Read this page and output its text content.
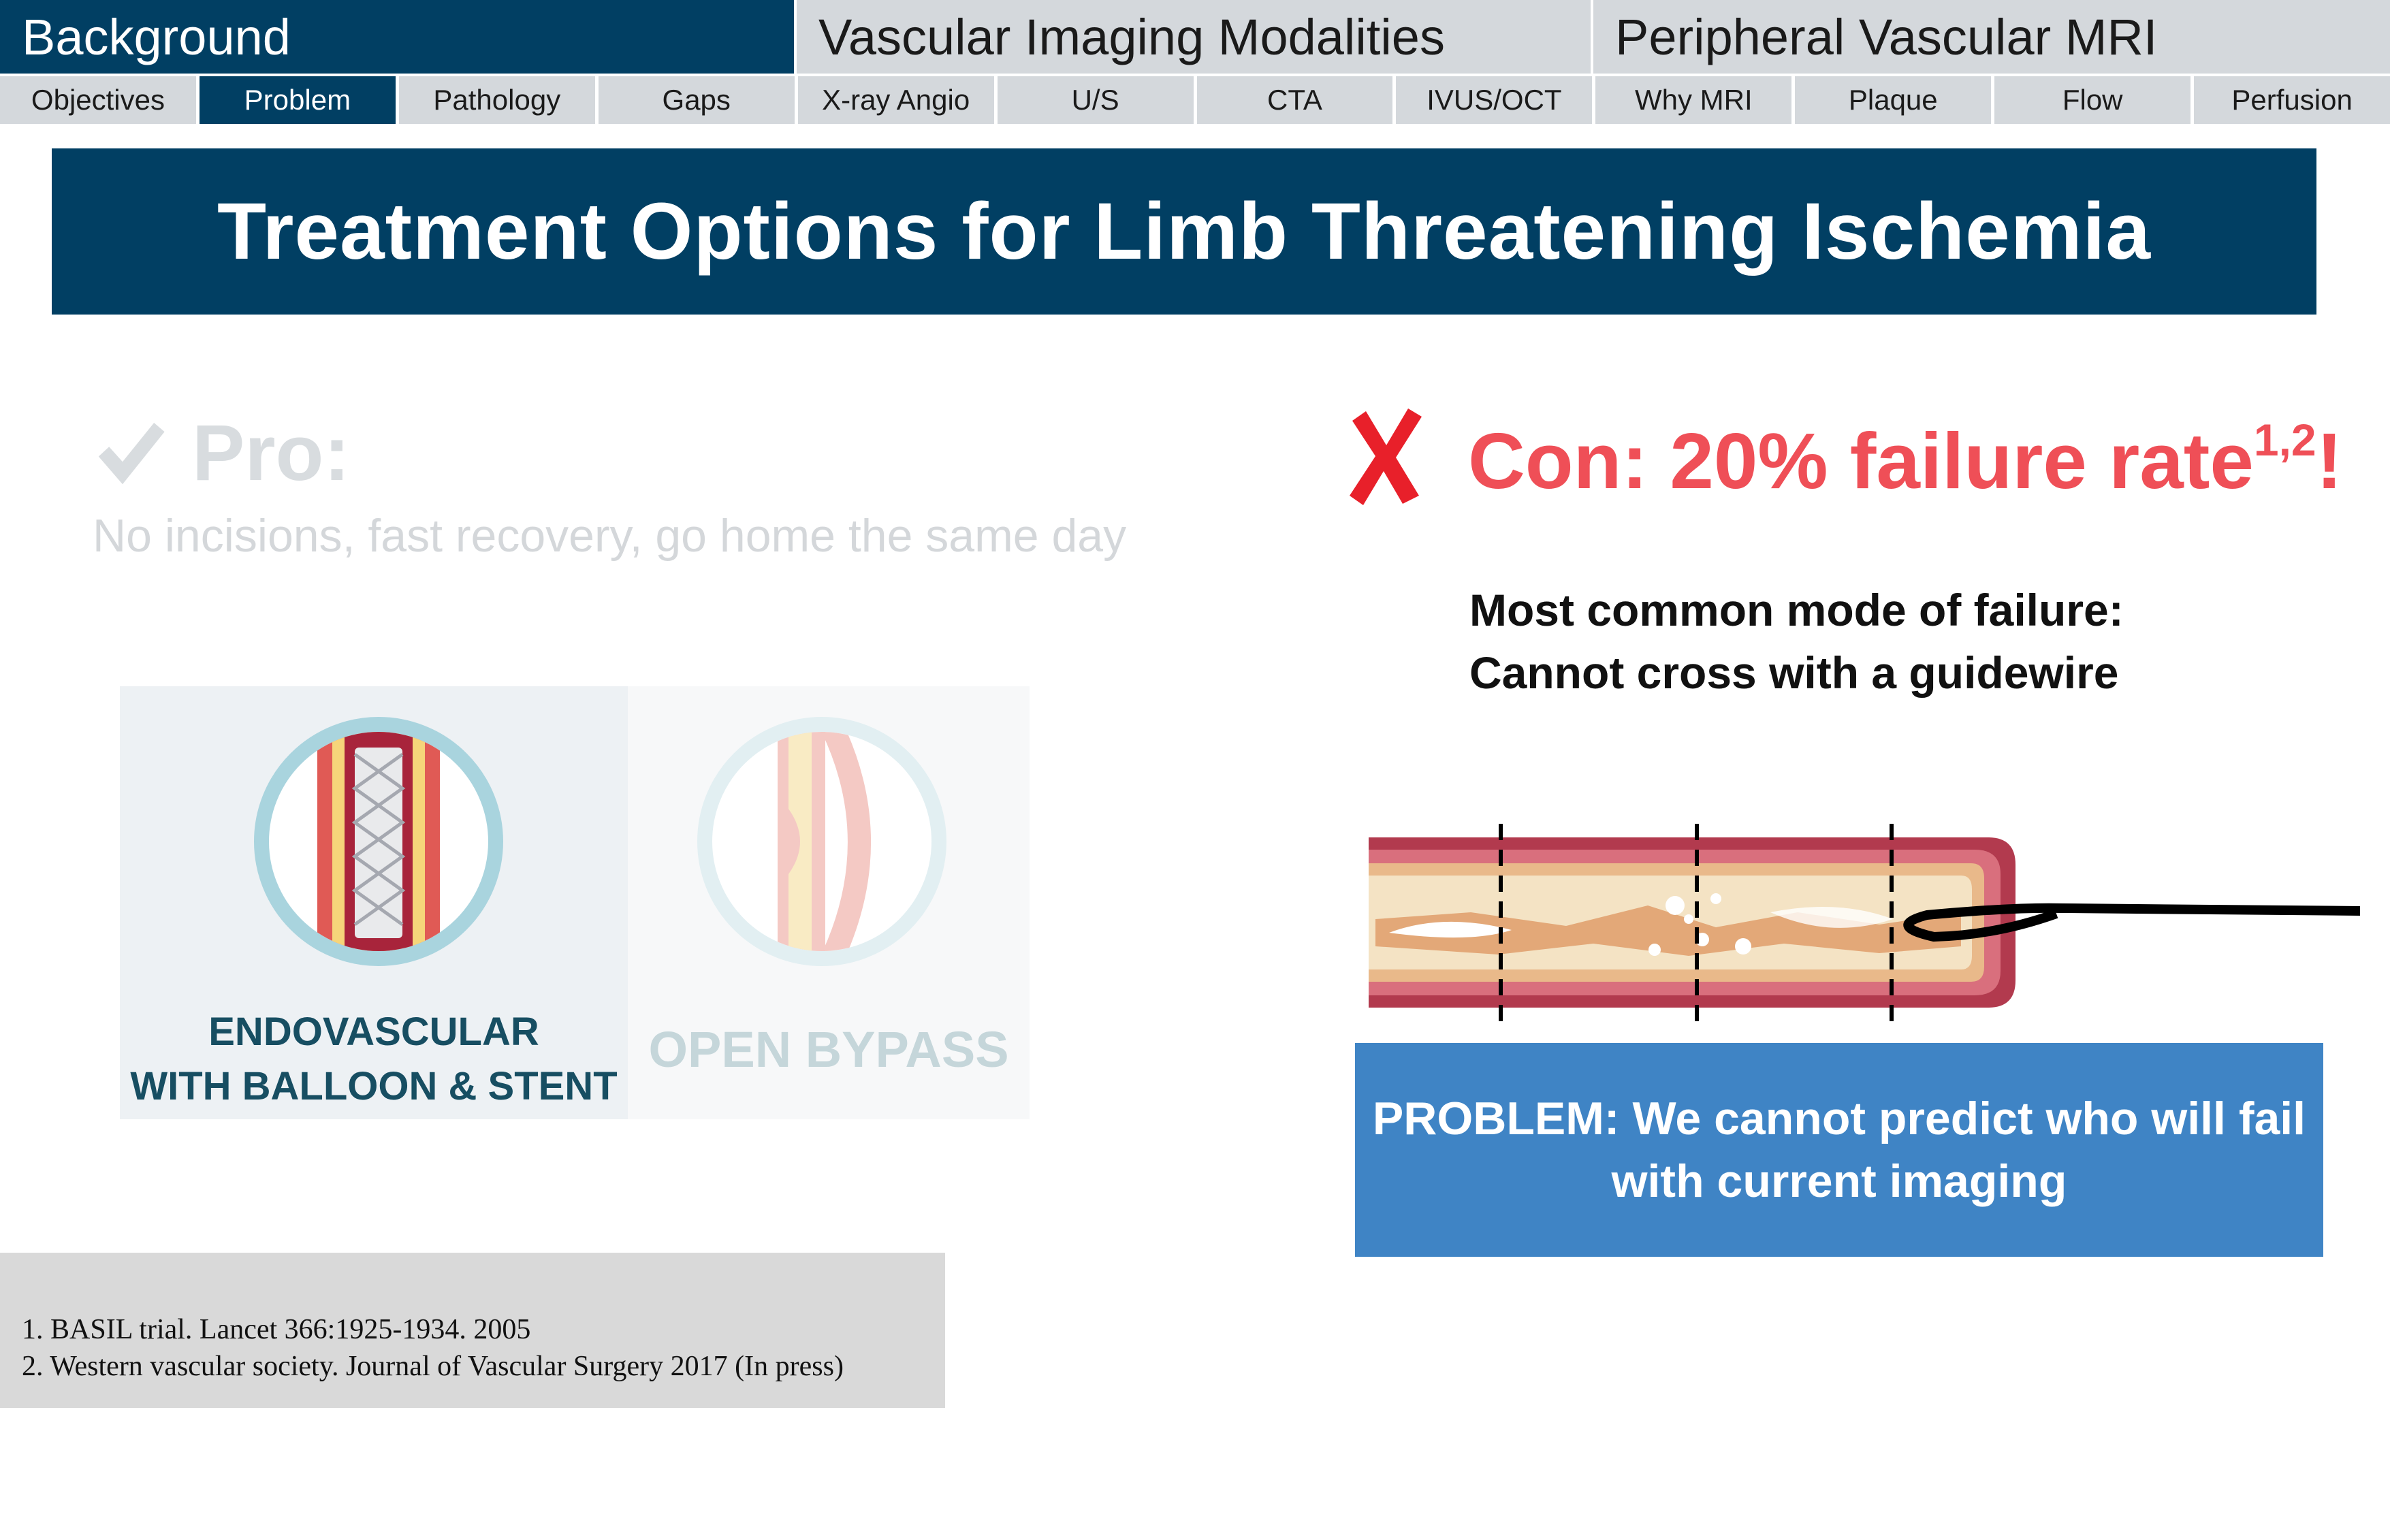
Background	Vascular Imaging Modalities	Peripheral Vascular MRI
Objectives	Problem	Pathology	Gaps	X-ray Angio	U/S	CTA	IVUS/OCT	Why MRI	Plaque	Flow	Perfusion
Treatment Options for Limb Threatening Ischemia
Pro:
No incisions, fast recovery, go home the same day
ENDOVASCULAR
WITH BALLOON & STENT
OPEN BYPASS
Con: 20% failure rate$^{1,2}$!
Most common mode of failure:
Cannot cross with a guidewire
PROBLEM: We cannot predict who will fail
with current imaging
1. BASIL trial. Lancet 366:1925-1934. 2005
2. Western vascular society. Journal of Vascular Surgery 2017 (In press)
